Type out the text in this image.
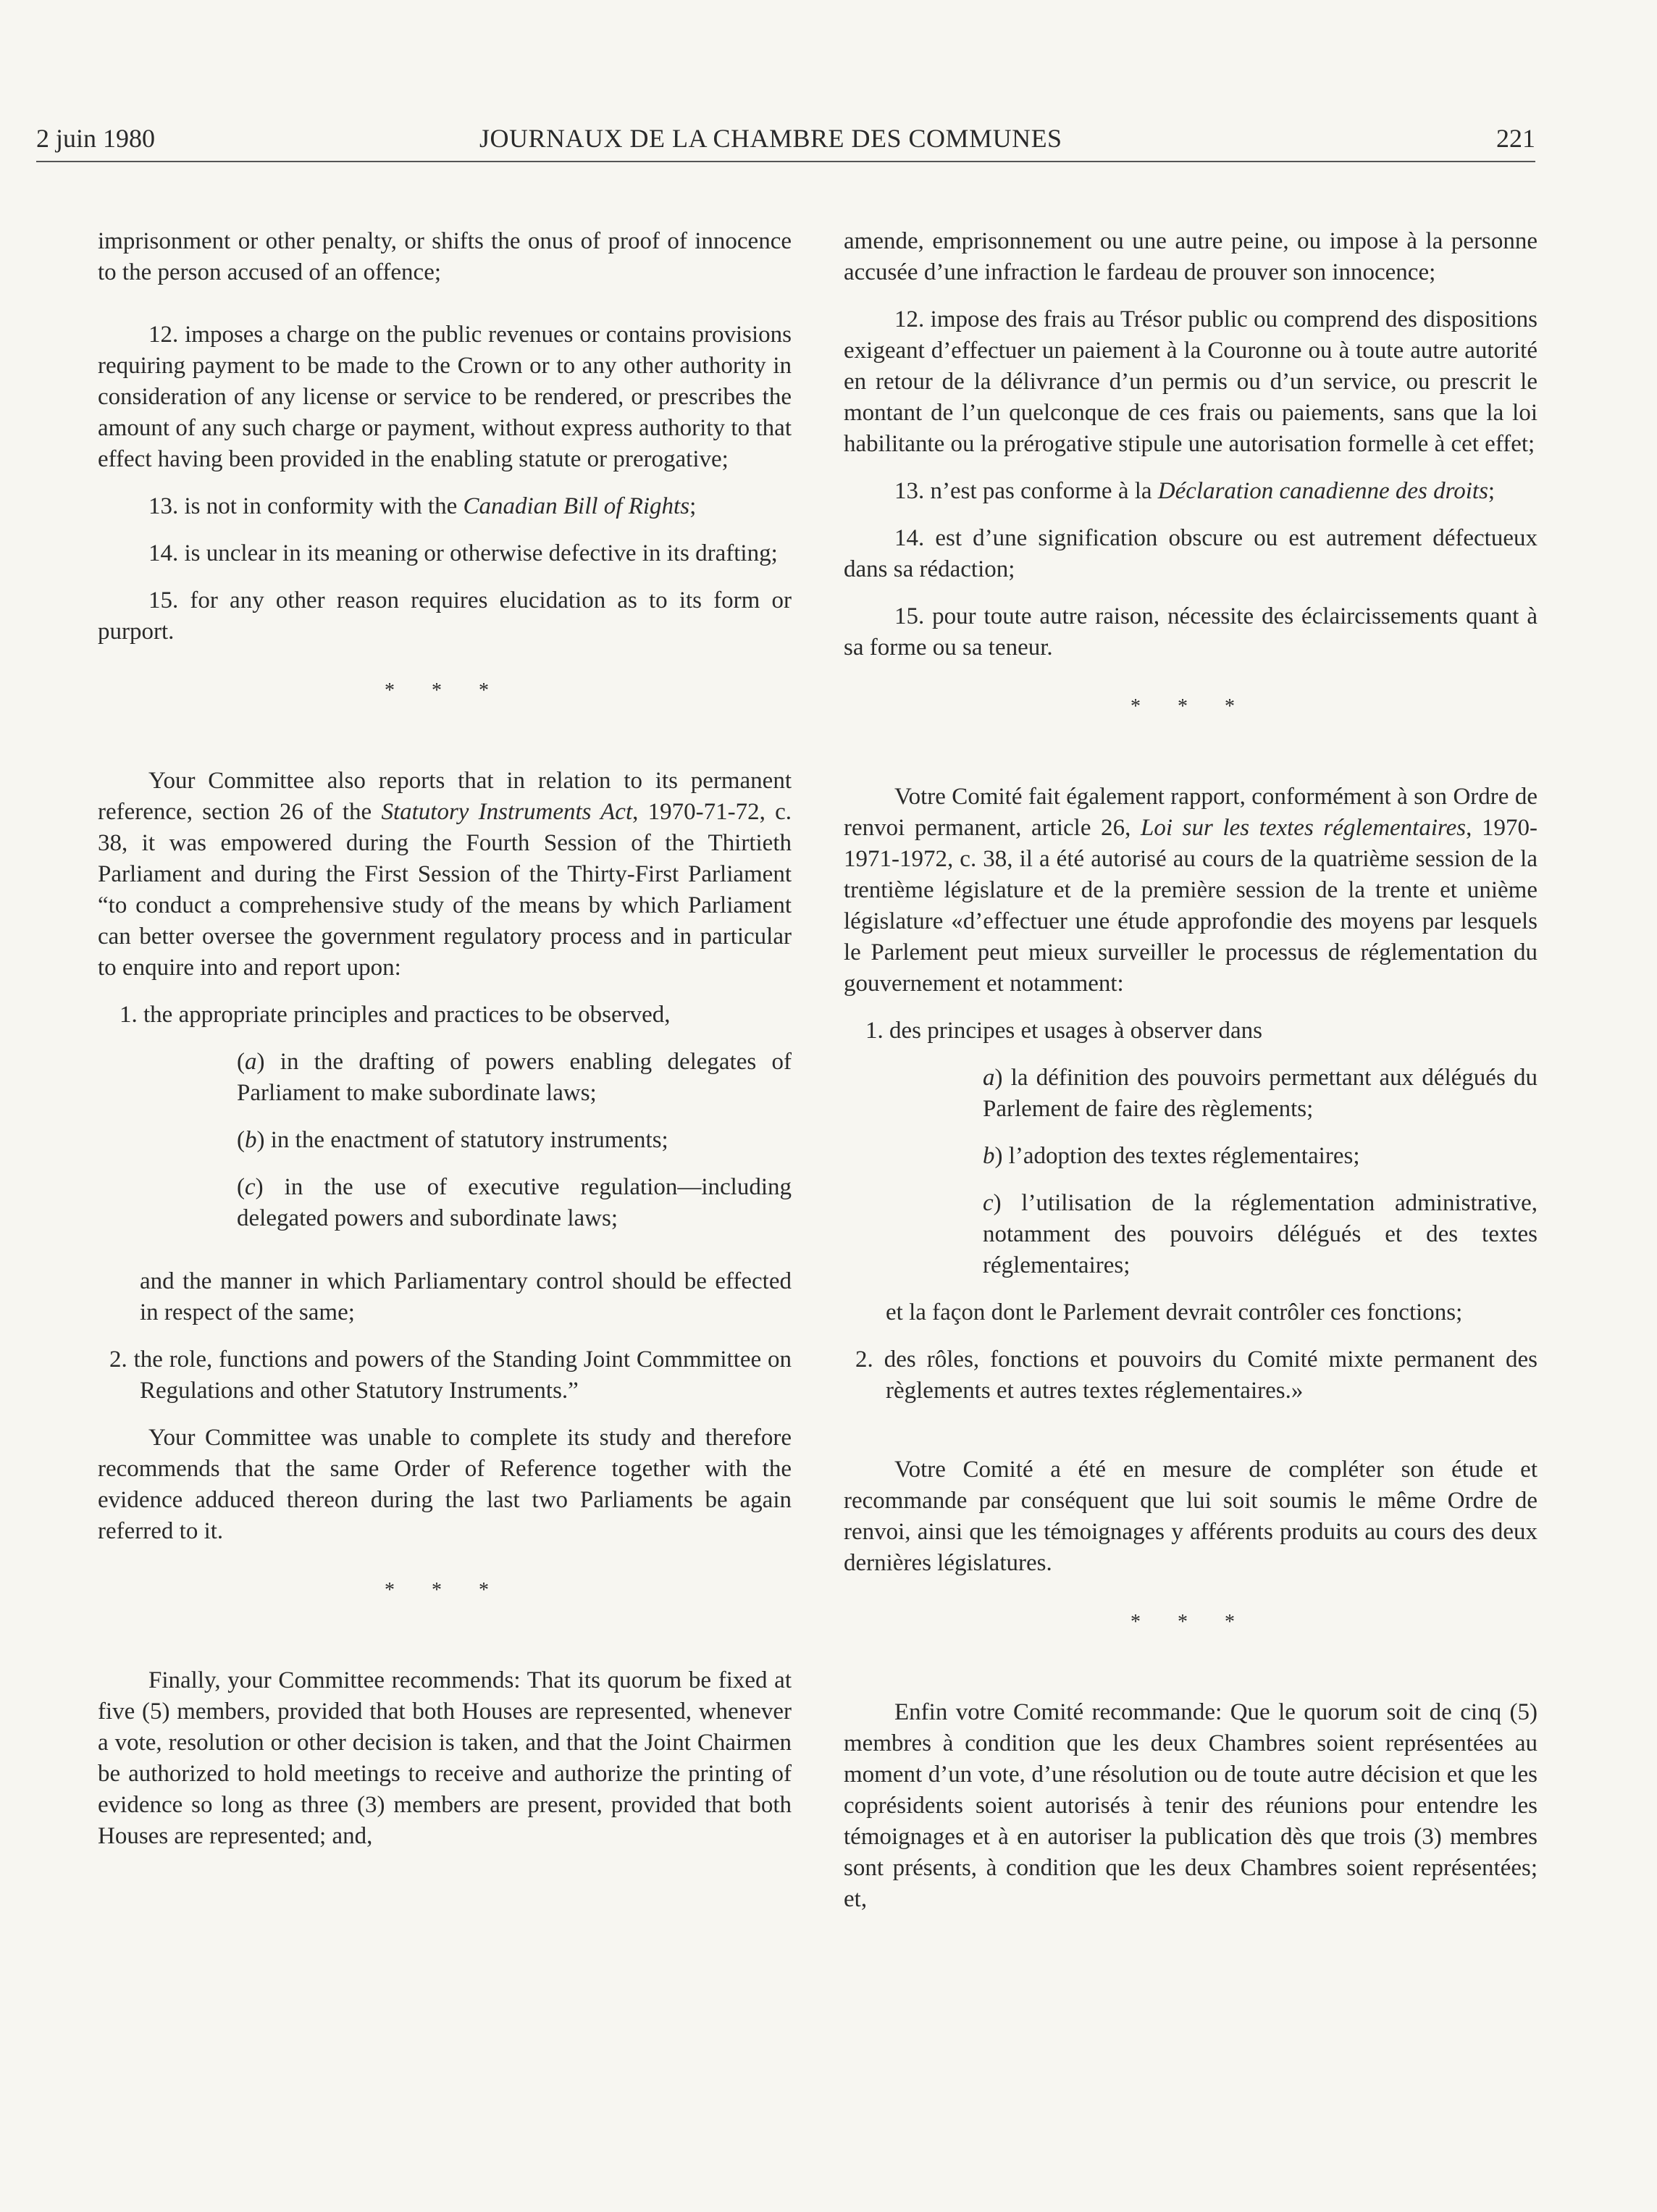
2 juin 1980	JOURNAUX DE LA CHAMBRE DES COMMUNES	221

imprisonment or other penalty, or shifts the onus of proof of innocence to the person accused of an offence;

12. imposes a charge on the public revenues or contains provisions requiring payment to be made to the Crown or to any other authority in consideration of any license or service to be rendered, or prescribes the amount of any such charge or payment, without express authority to that effect having been provided in the enabling statute or prerogative;

13. is not in conformity with the Canadian Bill of Rights;

14. is unclear in its meaning or otherwise defective in its drafting;

15. for any other reason requires elucidation as to its form or purport.

* * *

Your Committee also reports that in relation to its permanent reference, section 26 of the Statutory Instruments Act, 1970-71-72, c. 38, it was empowered during the Fourth Session of the Thirtieth Parliament and during the First Session of the Thirty-First Parliament “to conduct a comprehensive study of the means by which Parliament can better oversee the government regulatory process and in particular to enquire into and report upon:

1. the appropriate principles and practices to be observed,

(a) in the drafting of powers enabling delegates of Parliament to make subordinate laws;

(b) in the enactment of statutory instruments;

(c) in the use of executive regulation—including delegated powers and subordinate laws;

and the manner in which Parliamentary control should be effected in respect of the same;

2. the role, functions and powers of the Standing Joint Commmittee on Regulations and other Statutory Instruments.”

Your Committee was unable to complete its study and therefore recommends that the same Order of Reference together with the evidence adduced thereon during the last two Parliaments be again referred to it.

* * *

Finally, your Committee recommends: That its quorum be fixed at five (5) members, provided that both Houses are represented, whenever a vote, resolution or other decision is taken, and that the Joint Chairmen be authorized to hold meetings to receive and authorize the printing of evidence so long as three (3) members are present, provided that both Houses are represented; and,

amende, emprisonnement ou une autre peine, ou impose à la personne accusée d’une infraction le fardeau de prouver son innocence;

12. impose des frais au Trésor public ou comprend des dispositions exigeant d’effectuer un paiement à la Couronne ou à toute autre autorité en retour de la délivrance d’un permis ou d’un service, ou prescrit le montant de l’un quelconque de ces frais ou paiements, sans que la loi habilitante ou la prérogative stipule une autorisation formelle à cet effet;

13. n’est pas conforme à la Déclaration canadienne des droits;

14. est d’une signification obscure ou est autrement défectueux dans sa rédaction;

15. pour toute autre raison, nécessite des éclaircissements quant à sa forme ou sa teneur.

* * *

Votre Comité fait également rapport, conformément à son Ordre de renvoi permanent, article 26, Loi sur les textes réglementaires, 1970-1971-1972, c. 38, il a été autorisé au cours de la quatrième session de la trentième législature et de la première session de la trente et unième législature «d’effectuer une étude approfondie des moyens par lesquels le Parlement peut mieux surveiller le processus de réglementation du gouvernement et notamment:

1. des principes et usages à observer dans

a) la définition des pouvoirs permettant aux délégués du Parlement de faire des règlements;

b) l’adoption des textes réglementaires;

c) l’utilisation de la réglementation administrative, notamment des pouvoirs délégués et des textes réglementaires;

et la façon dont le Parlement devrait contrôler ces fonctions;

2. des rôles, fonctions et pouvoirs du Comité mixte permanent des règlements et autres textes réglementaires.»

Votre Comité a été en mesure de compléter son étude et recommande par conséquent que lui soit soumis le même Ordre de renvoi, ainsi que les témoignages y afférents produits au cours des deux dernières législatures.

* * *

Enfin votre Comité recommande: Que le quorum soit de cinq (5) membres à condition que les deux Chambres soient représentées au moment d’un vote, d’une résolution ou de toute autre décision et que les coprésidents soient autorisés à tenir des réunions pour entendre les témoignages et à en autoriser la publication dès que trois (3) membres sont présents, à condition que les deux Chambres soient représentées; et,
